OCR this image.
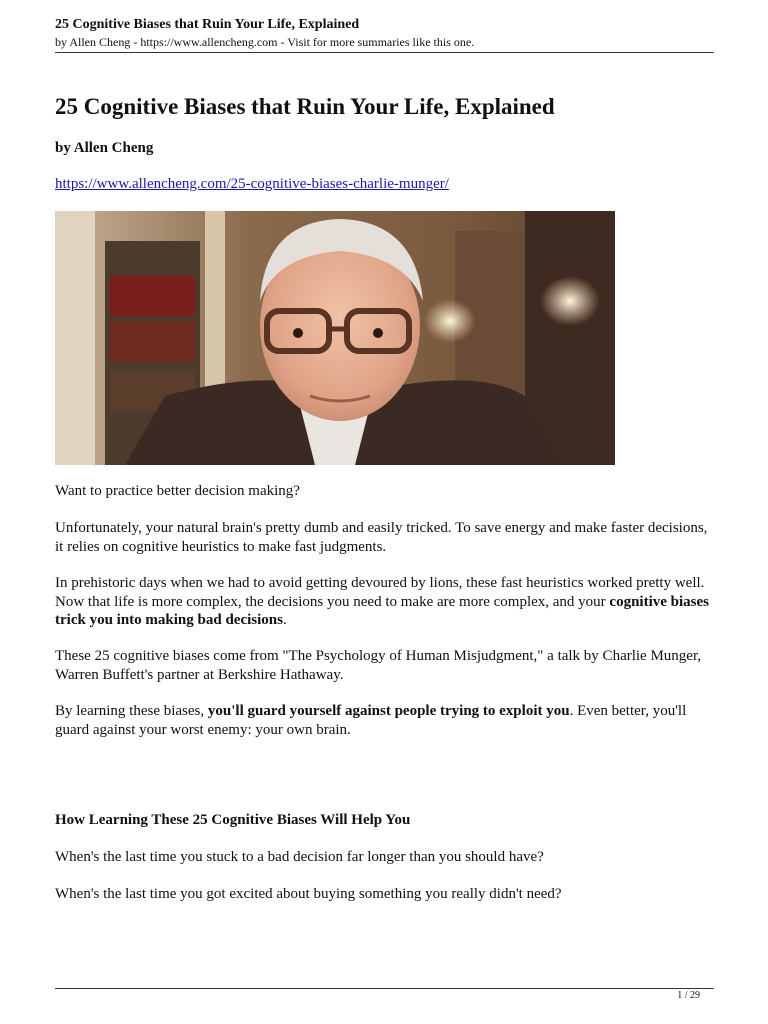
25 Cognitive Biases that Ruin Your Life, Explained
by Allen Cheng - https://www.allencheng.com - Visit for more summaries like this one.
25 Cognitive Biases that Ruin Your Life, Explained
by Allen Cheng
https://www.allencheng.com/25-cognitive-biases-charlie-munger/

Want to practice better decision making?

Unfortunately, your natural brain's pretty dumb and easily tricked. To save energy and make faster decisions, it relies on cognitive heuristics to make fast judgments.

In prehistoric days when we had to avoid getting devoured by lions, these fast heuristics worked pretty well. Now that life is more complex, the decisions you need to make are more complex, and your cognitive biases trick you into making bad decisions.

These 25 cognitive biases come from "The Psychology of Human Misjudgment," a talk by Charlie Munger, Warren Buffett's partner at Berkshire Hathaway.

By learning these biases, you'll guard yourself against people trying to exploit you. Even better, you'll guard against your worst enemy: your own brain.

How Learning These 25 Cognitive Biases Will Help You

When's the last time you stuck to a bad decision far longer than you should have?

When's the last time you got excited about buying something you really didn't need?

1 / 29
